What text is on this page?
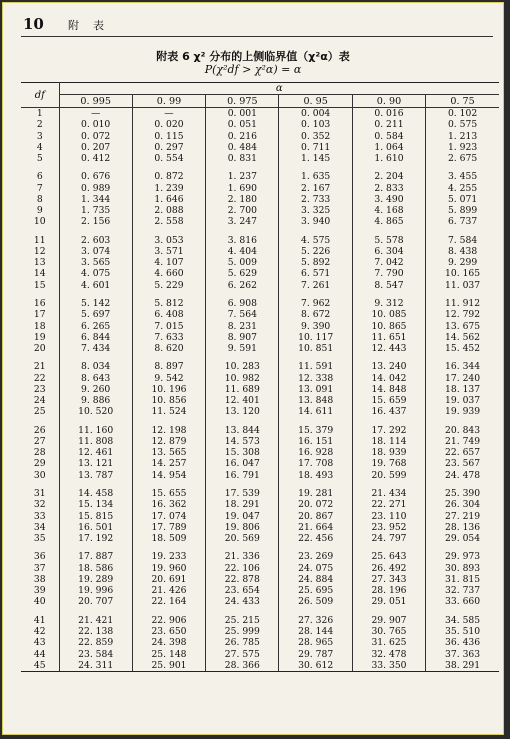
10 附表
附表 6 χ² 分布的上侧临界值（χ²α）表
P(χ²df > χ²α) = α
df	α					
	0. 995	0. 99	0. 975	0. 95	0. 90	0. 75
1	—	—	0. 001	0. 004	0. 016	0. 102
2	0. 010	0. 020	0. 051	0. 103	0. 211	0. 575
3	0. 072	0. 115	0. 216	0. 352	0. 584	1. 213
4	0. 207	0. 297	0. 484	0. 711	1. 064	1. 923
5	0. 412	0. 554	0. 831	1. 145	1. 610	2. 675

6	0. 676	0. 872	1. 237	1. 635	2. 204	3. 455
7	0. 989	1. 239	1. 690	2. 167	2. 833	4. 255
8	1. 344	1. 646	2. 180	2. 733	3. 490	5. 071
9	1. 735	2. 088	2. 700	3. 325	4. 168	5. 899
10	2. 156	2. 558	3. 247	3. 940	4. 865	6. 737

11	2. 603	3. 053	3. 816	4. 575	5. 578	7. 584
12	3. 074	3. 571	4. 404	5. 226	6. 304	8. 438
13	3. 565	4. 107	5. 009	5. 892	7. 042	9. 299
14	4. 075	4. 660	5. 629	6. 571	7. 790	10. 165
15	4. 601	5. 229	6. 262	7. 261	8. 547	11. 037

16	5. 142	5. 812	6. 908	7. 962	9. 312	11. 912
17	5. 697	6. 408	7. 564	8. 672	10. 085	12. 792
18	6. 265	7. 015	8. 231	9. 390	10. 865	13. 675
19	6. 844	7. 633	8. 907	10. 117	11. 651	14. 562
20	7. 434	8. 620	9. 591	10. 851	12. 443	15. 452

21	8. 034	8. 897	10. 283	11. 591	13. 240	16. 344
22	8. 643	9. 542	10. 982	12. 338	14. 042	17. 240
23	9. 260	10. 196	11. 689	13. 091	14. 848	18. 137
24	9. 886	10. 856	12. 401	13. 848	15. 659	19. 037
25	10. 520	11. 524	13. 120	14. 611	16. 437	19. 939

26	11. 160	12. 198	13. 844	15. 379	17. 292	20. 843
27	11. 808	12. 879	14. 573	16. 151	18. 114	21. 749
28	12. 461	13. 565	15. 308	16. 928	18. 939	22. 657
29	13. 121	14. 257	16. 047	17. 708	19. 768	23. 567
30	13. 787	14. 954	16. 791	18. 493	20. 599	24. 478

31	14. 458	15. 655	17. 539	19. 281	21. 434	25. 390
32	15. 134	16. 362	18. 291	20. 072	22. 271	26. 304
33	15. 815	17. 074	19. 047	20. 867	23. 110	27. 219
34	16. 501	17. 789	19. 806	21. 664	23. 952	28. 136
35	17. 192	18. 509	20. 569	22. 456	24. 797	29. 054

36	17. 887	19. 233	21. 336	23. 269	25. 643	29. 973
37	18. 586	19. 960	22. 106	24. 075	26. 492	30. 893
38	19. 289	20. 691	22. 878	24. 884	27. 343	31. 815
39	19. 996	21. 426	23. 654	25. 695	28. 196	32. 737
40	20. 707	22. 164	24. 433	26. 509	29. 051	33. 660

41	21. 421	22. 906	25. 215	27. 326	29. 907	34. 585
42	22. 138	23. 650	25. 999	28. 144	30. 765	35. 510
43	22. 859	24. 398	26. 785	28. 965	31. 625	36. 436
44	23. 584	25. 148	27. 575	29. 787	32. 478	37. 363
45	24. 311	25. 901	28. 366	30. 612	33. 350	38. 291
